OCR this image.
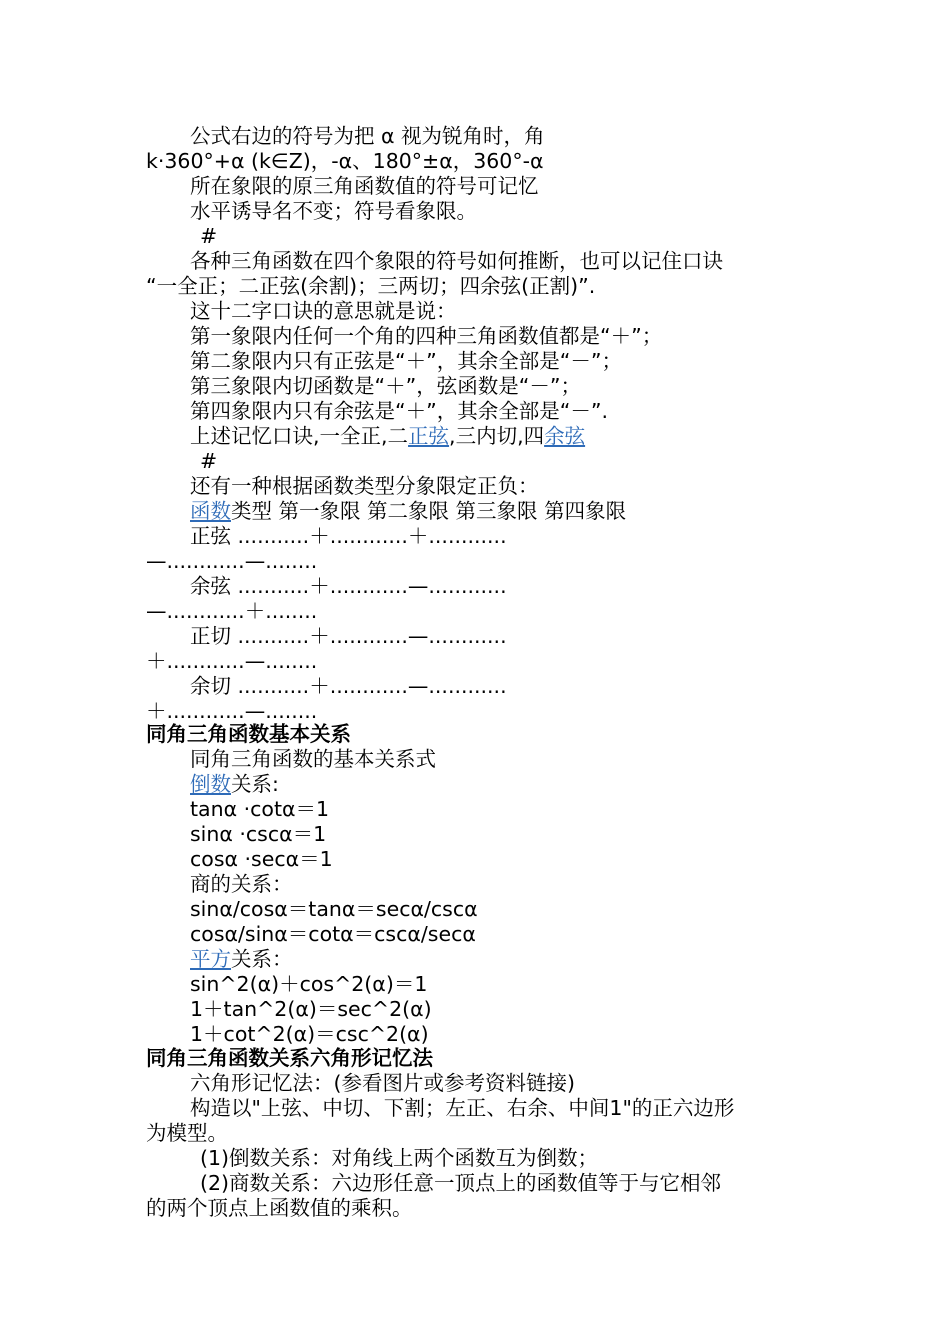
公式右边的符号为把 α 视为锐角时，角
k·360°+α (k∈Z)，-α、180°±α，360°-α
所在象限的原三角函数值的符号可记忆
水平诱导名不变；符号看象限。
#
各种三角函数在四个象限的符号如何推断，也可以记住口诀
“一全正；二正弦(余割)；三两切；四余弦(正割)”.
这十二字口诀的意思就是说：
第一象限内任何一个角的四种三角函数值都是“＋”；
第二象限内只有正弦是“＋”，其余全部是“－”；
第三象限内切函数是“＋”，弦函数是“－”；
第四象限内只有余弦是“＋”，其余全部是“－”.
上述记忆口诀,一全正,二正弦,三内切,四余弦
#
还有一种根据函数类型分象限定正负：
函数类型 第一象限 第二象限 第三象限 第四象限
正弦 ...........＋............＋............
—............—........
余弦 ...........＋............—............
—............＋........
正切 ...........＋............—............
＋............—........
余切 ...........＋............—............
＋............—........
同角三角函数基本关系
同角三角函数的基本关系式
倒数关系:
tanα ·cotα＝1
sinα ·cscα＝1
cosα ·secα＝1
商的关系：
sinα/cosα＝tanα＝secα/cscα
cosα/sinα＝cotα＝cscα/secα
平方关系：
sin^2(α)＋cos^2(α)＝1
1＋tan^2(α)＝sec^2(α)
1＋cot^2(α)＝csc^2(α)
同角三角函数关系六角形记忆法
六角形记忆法：(参看图片或参考资料链接)
构造以"上弦、中切、下割；左正、右余、中间1"的正六边形
为模型。
(1)倒数关系：对角线上两个函数互为倒数；
(2)商数关系：六边形任意一顶点上的函数值等于与它相邻
的两个顶点上函数值的乘积。
